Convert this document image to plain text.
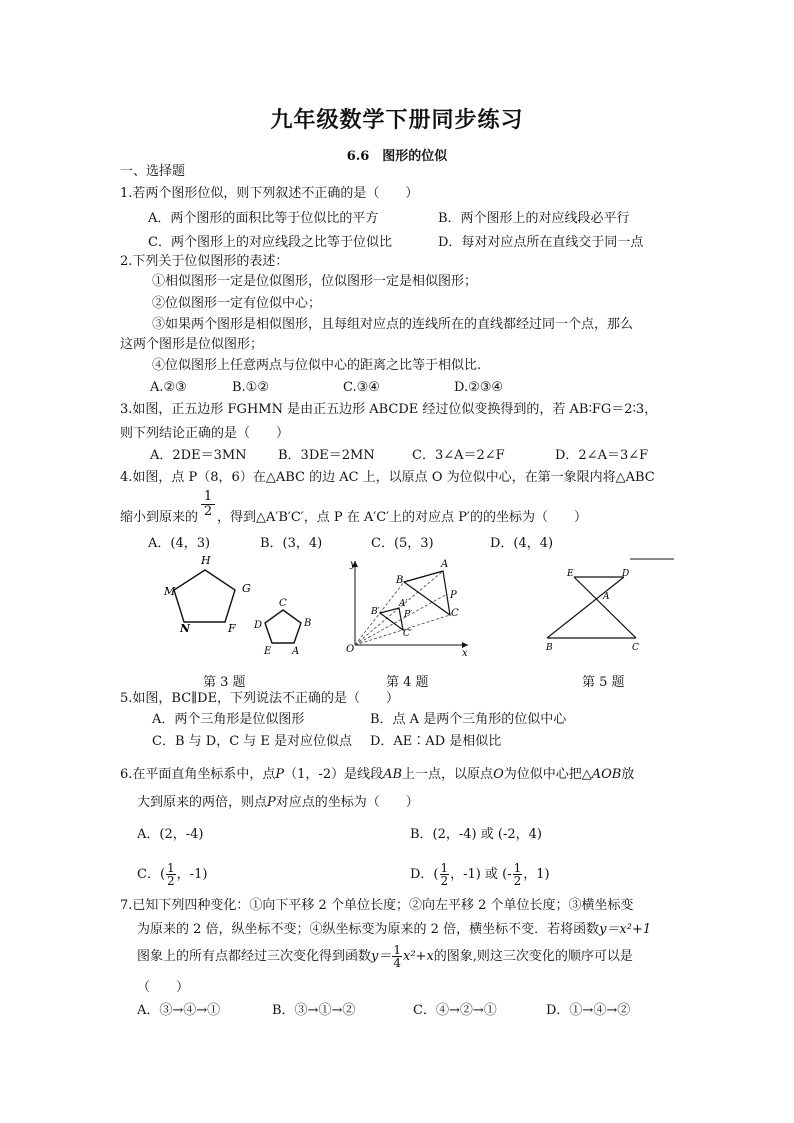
九年级数学下册同步练习
6.6　图形的位似
一、选择题
1.若两个图形位似，则下列叙述不正确的是（　　）
A．两个图形的面积比等于位似比的平方	B．两个图形上的对应线段必平行
C．两个图形上的对应线段之比等于位似比	D．每对对应点所在直线交于同一点
2.下列关于位似图形的表述：
①相似图形一定是位似图形，位似图形一定是相似图形；
②位似图形一定有位似中心；
③如果两个图形是相似图形，且每组对应点的连线所在的直线都经过同一个点，那么
这两个图形是位似图形；
④位似图形上任意两点与位似中心的距离之比等于相似比.
A.②③	B.①②	C.③④	D.②③④
3.如图，正五边形 FGHMN 是由正五边形 ABCDE 经过位似变换得到的，若 AB∶FG＝2∶3，
则下列结论正确的是（　　）
A．2DE＝3MN B．3DE＝2MN	C．3∠A＝2∠F	D．2∠A＝3∠F
4.如图，点 P（8，6）在△ABC 的边 AC 上，以原点 O 为位似中心，在第一象限内将△ABC
$\frac{1}{2}$
缩小到原来的 ，得到△A′B′C′，点 P 在 A′C′上的对应点 P′的的坐标为（　　）
A．(4，3)	B．(3，4)	C．(5，3)	D．(4，4)
H
M	G
N	F
C
D	B
E A
y
x
O
A
B
C
P
A′
B′
C′
P′
E	D
A
B	C
第 3 题	第 4 题	第 5 题
5.如图，BC∥DE，下列说法不正确的是（　　）
A．两个三角形是位似图形	B．点 A 是两个三角形的位似中心
C．B 与 D，C 与 E 是对应位似点 D．AE∶AD 是相似比
6.在平面直角坐标系中，点P（1，-2）是线段AB上一点，以原点O为位似中心把△AOB放
大到原来的两倍，则点P对应点的坐标为（　　）
A．(2，-4)	B．(2，-4) 或 (-2，4)
C．( $\frac{1}{2}$ ，-1)	D．( $\frac{1}{2}$ ，-1) 或 (- $\frac{1}{2}$ ，1)
7.已知下列四种变化：①向下平移 2 个单位长度；②向左平移 2 个单位长度；③横坐标变
为原来的 2 倍，纵坐标不变；④纵坐标变为原来的 2 倍，横坐标不变．若将函数y＝x²+1
图象上的所有点都经过三次变化得到函数$y= \frac{1}{4} x^2+x$的图象,则这三次变化的顺序可以是
（　　）
A．③→④→①	B．③→①→②	C．④→②→①	D．①→④→②
